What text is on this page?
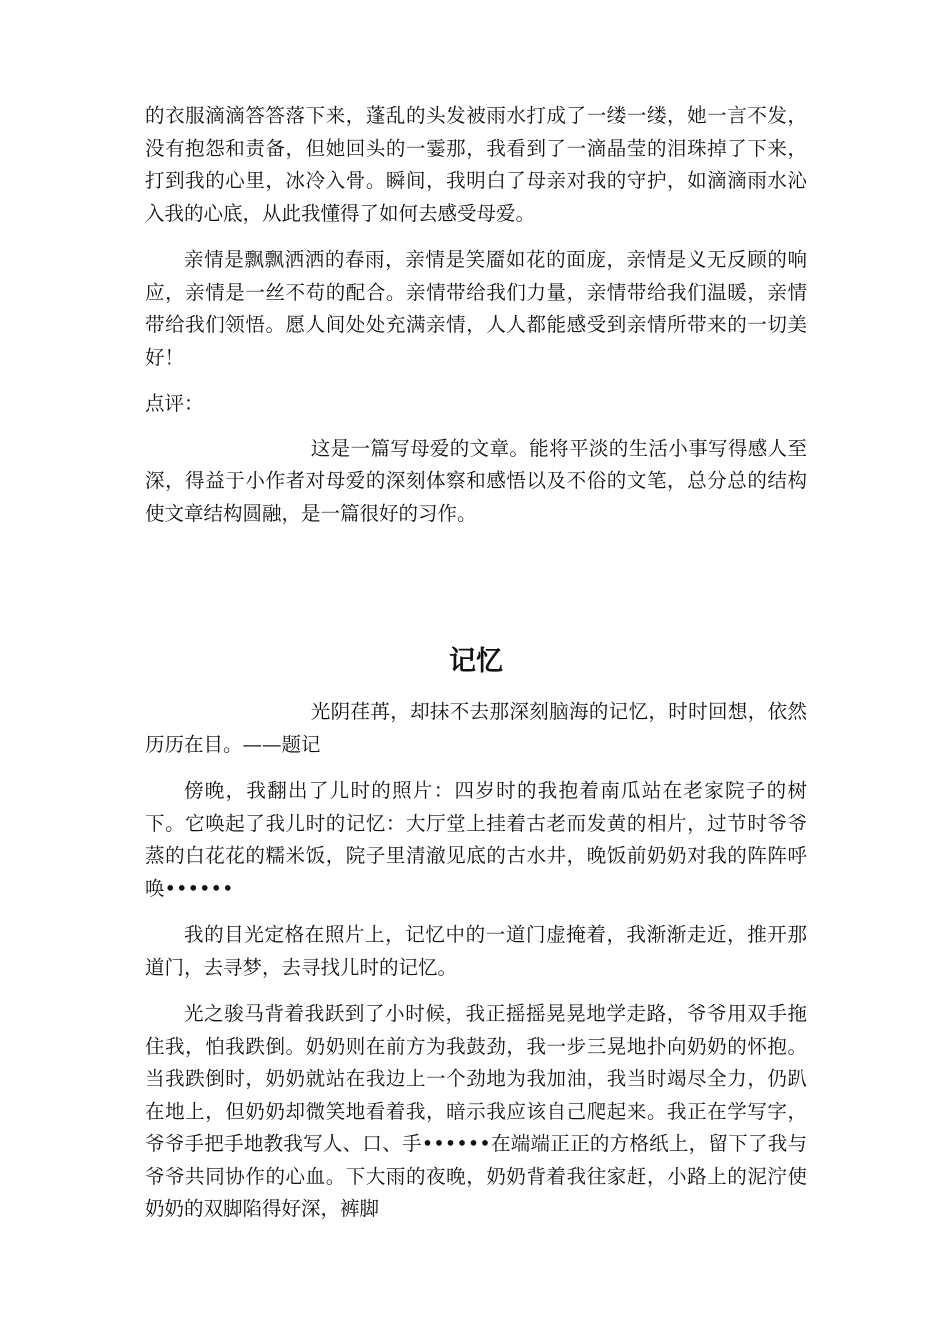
的衣服滴滴答答落下来，蓬乱的头发被雨水打成了一缕一缕，她一言不发，没有抱怨和责备，但她回头的一霎那，我看到了一滴晶莹的泪珠掉了下来，打到我的心里，冰冷入骨。瞬间，我明白了母亲对我的守护，如滴滴雨水沁入我的心底，从此我懂得了如何去感受母爱。

亲情是飘飘洒洒的春雨，亲情是笑靥如花的面庞，亲情是义无反顾的响应，亲情是一丝不苟的配合。亲情带给我们力量，亲情带给我们温暖，亲情带给我们领悟。愿人间处处充满亲情，人人都能感受到亲情所带来的一切美好！

点评：

这是一篇写母爱的文章。能将平淡的生活小事写得感人至深，得益于小作者对母爱的深刻体察和感悟以及不俗的文笔，总分总的结构使文章结构圆融，是一篇很好的习作。

记忆

光阴荏苒，却抹不去那深刻脑海的记忆，时时回想，依然历历在目。——题记

傍晚，我翻出了儿时的照片：四岁时的我抱着南瓜站在老家院子的树下。它唤起了我儿时的记忆：大厅堂上挂着古老而发黄的相片，过节时爷爷蒸的白花花的糯米饭，院子里清澈见底的古水井，晚饭前奶奶对我的阵阵呼唤••••••

我的目光定格在照片上，记忆中的一道门虚掩着，我渐渐走近，推开那道门，去寻梦，去寻找儿时的记忆。

光之骏马背着我跃到了小时候，我正摇摇晃晃地学走路，爷爷用双手拖住我，怕我跌倒。奶奶则在前方为我鼓劲，我一步三晃地扑向奶奶的怀抱。当我跌倒时，奶奶就站在我边上一个劲地为我加油，我当时竭尽全力，仍趴在地上，但奶奶却微笑地看着我，暗示我应该自己爬起来。我正在学写字，爷爷手把手地教我写人、口、手••••••在端端正正的方格纸上，留下了我与爷爷共同协作的心血。下大雨的夜晚，奶奶背着我往家赶，小路上的泥泞使奶奶的双脚陷得好深，裤脚
